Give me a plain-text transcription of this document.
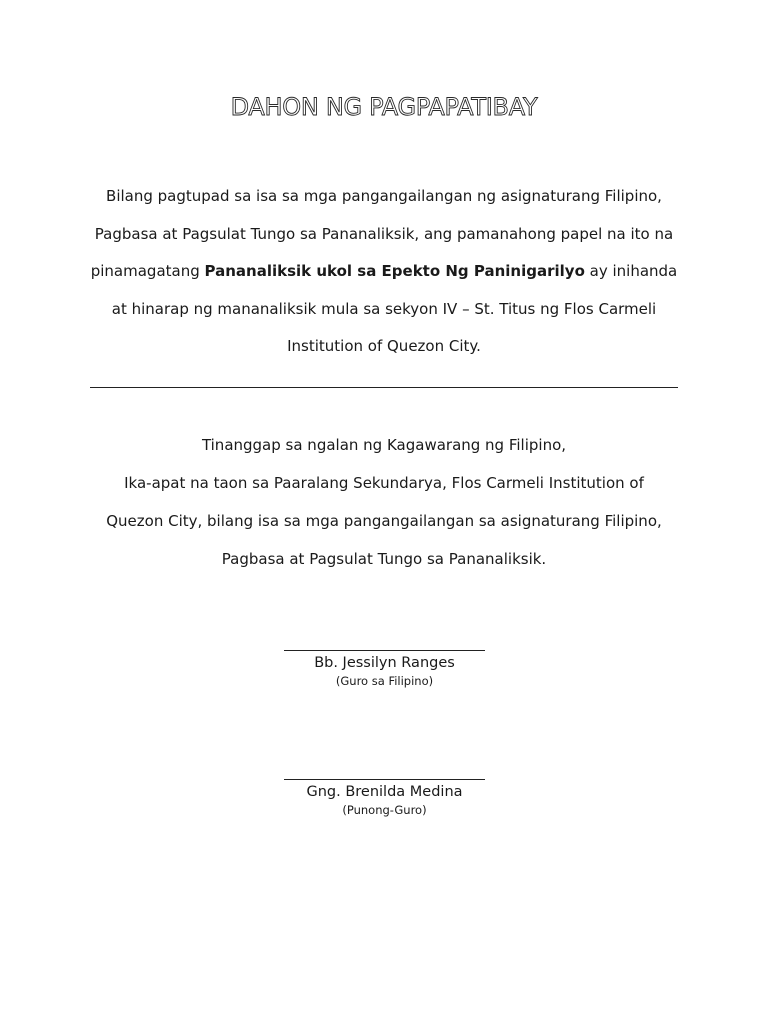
DAHON NG PAGPAPATIBAY

Bilang pagtupad sa isa sa mga pangangailangan ng asignaturang Filipino,
Pagbasa at Pagsulat Tungo sa Pananaliksik, ang pamanahong papel na ito na
pinamagatang Pananaliksik ukol sa Epekto Ng Paninigarilyo ay inihanda
at hinarap ng mananaliksik mula sa sekyon IV – St. Titus ng Flos Carmeli
Institution of Quezon City.

Tinanggap sa ngalan ng Kagawarang ng Filipino,
Ika-apat na taon sa Paaralang Sekundarya, Flos Carmeli Institution of
Quezon City, bilang isa sa mga pangangailangan sa asignaturang Filipino,
Pagbasa at Pagsulat Tungo sa Pananaliksik.

Bb. Jessilyn Ranges
(Guro sa Filipino)
Gng. Brenilda Medina
(Punong-Guro)
